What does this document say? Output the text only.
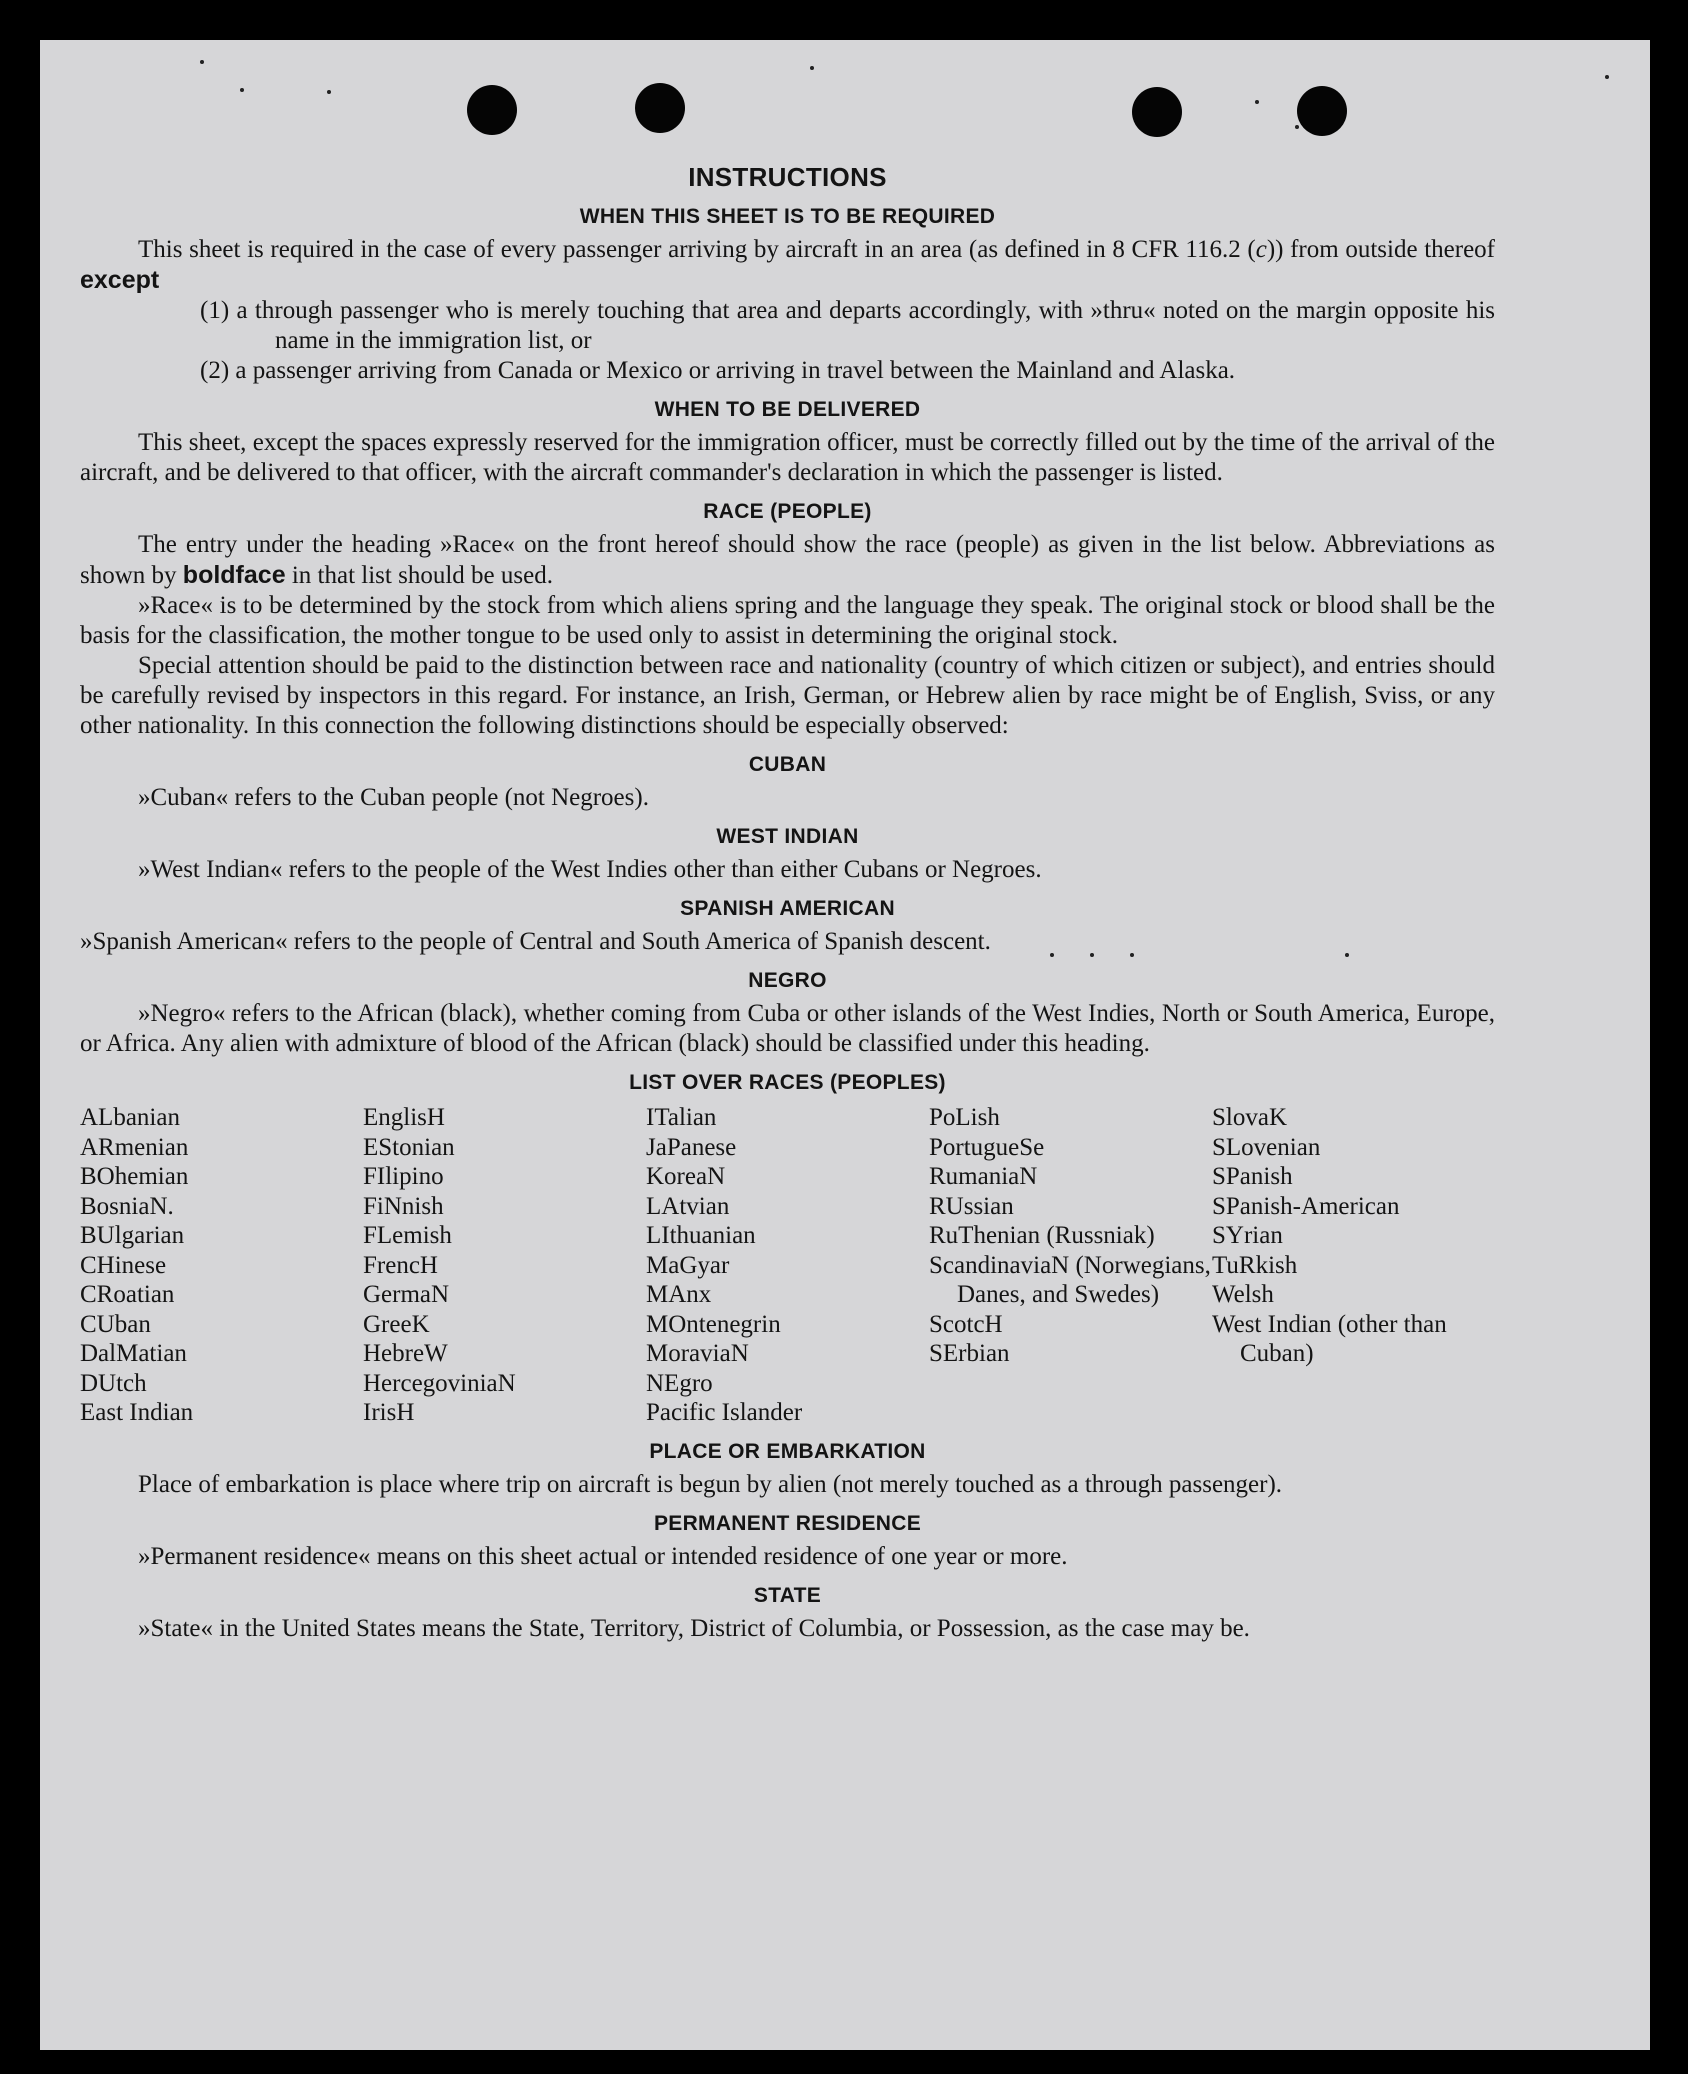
INSTRUCTIONS
WHEN THIS SHEET IS TO BE REQUIRED

This sheet is required in the case of every passenger arriving by aircraft in an area (as defined in 8 CFR 116.2 (c)) from outside thereof except

(1) a through passenger who is merely touching that area and departs accordingly, with »thru« noted on the margin opposite his name in the immigration list, or

(2) a passenger arriving from Canada or Mexico or arriving in travel between the Mainland and Alaska.

WHEN TO BE DELIVERED

This sheet, except the spaces expressly reserved for the immigration officer, must be correctly filled out by the time of the arrival of the aircraft, and be delivered to that officer, with the aircraft commander's declaration in which the passenger is listed.

RACE (PEOPLE)

The entry under the heading »Race« on the front hereof should show the race (people) as given in the list below. Abbreviations as shown by boldface in that list should be used.

»Race« is to be determined by the stock from which aliens spring and the language they speak. The original stock or blood shall be the basis for the classification, the mother tongue to be used only to assist in determining the original stock.

Special attention should be paid to the distinction between race and nationality (country of which citizen or subject), and entries should be carefully revised by inspectors in this regard. For instance, an Irish, German, or Hebrew alien by race might be of English, Sviss, or any other nationality. In this connection the following distinctions should be especially observed:

CUBAN

»Cuban« refers to the Cuban people (not Negroes).

WEST INDIAN

»West Indian« refers to the people of the West Indies other than either Cubans or Negroes.

SPANISH AMERICAN

»Spanish American« refers to the people of Central and South America of Spanish descent.

NEGRO

»Negro« refers to the African (black), whether coming from Cuba or other islands of the West Indies, North or South America, Europe, or Africa. Any alien with admixture of blood of the African (black) should be classified under this heading.

LIST OVER RACES (PEOPLES)
ALbanian
ARmenian
BOhemian
BosniaN.
BUlgarian
CHinese
CRoatian
CUban
DalMatian
DUtch
East Indian
EnglisH
EStonian
FIlipino
FiNnish
FLemish
FrencH
GermaN
GreeK
HebreW
HercegoviniaN
IrisH
ITalian
JaPanese
KoreaN
LAtvian
LIthuanian
MaGyar
MAnx
MOntenegrin
MoraviaN
NEgro
Pacific Islander
PoLish
PortugueSe
RumaniaN
RUssian
RuThenian (Russniak)
ScandinaviaN (Norwegians, Danes, and Swedes)
ScotcH
SErbian
SlovaK
SLovenian
SPanish
SPanish-American
SYrian
TuRkish
Welsh
West Indian (other than Cuban)
PLACE OR EMBARKATION

Place of embarkation is place where trip on aircraft is begun by alien (not merely touched as a through passenger).

PERMANENT RESIDENCE

»Permanent residence« means on this sheet actual or intended residence of one year or more.

STATE

»State« in the United States means the State, Territory, District of Columbia, or Possession, as the case may be.
